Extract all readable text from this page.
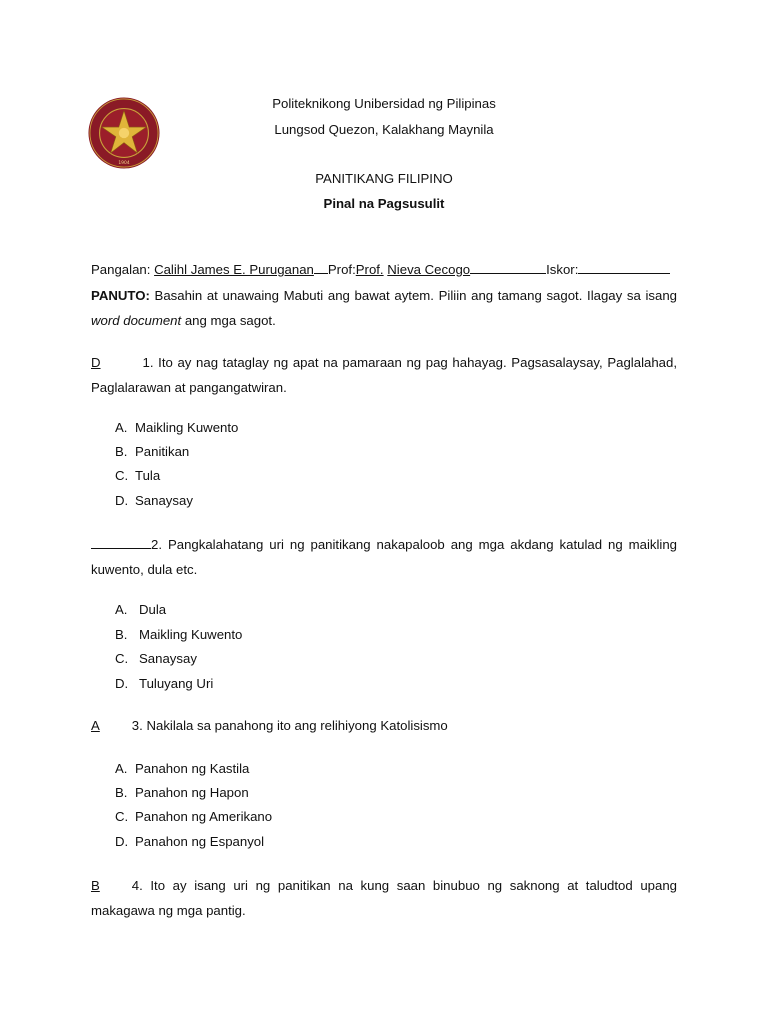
1904
Politeknikong Unibersidad ng Pilipinas
Lungsod Quezon, Kalakhang Maynila
PANITIKANG FILIPINO
Pinal na Pagsusulit
Pangalan: Calihl James E. Puruganan Prof:Prof. Nieva Cecogo	Iskor:
PANUTO: Basahin at unawaing Mabuti ang bawat aytem. Piliin ang tamang sagot. Ilagay sa isang word document ang mga sagot.
D	1. Ito ay nag tataglay ng apat na pamaraan ng pag hahayag. Pagsasalaysay, Paglalahad, Paglalarawan at pangangatwiran.
A. Maikling Kuwento
B. Panitikan
C. Tula
D. Sanaysay
2. Pangkalahatang uri ng panitikang nakapaloob ang mga akdang katulad ng maikling kuwento, dula etc.
A. Dula
B. Maikling Kuwento
C. Sanaysay
D. Tuluyang Uri
A 3. Nakilala sa panahong ito ang relihiyong Katolisismo
A. Panahon ng Kastila
B. Panahon ng Hapon
C. Panahon ng Amerikano
D. Panahon ng Espanyol
B 4. Ito ay isang uri ng panitikan na kung saan binubuo ng saknong at taludtod upang makagawa ng mga pantig.
